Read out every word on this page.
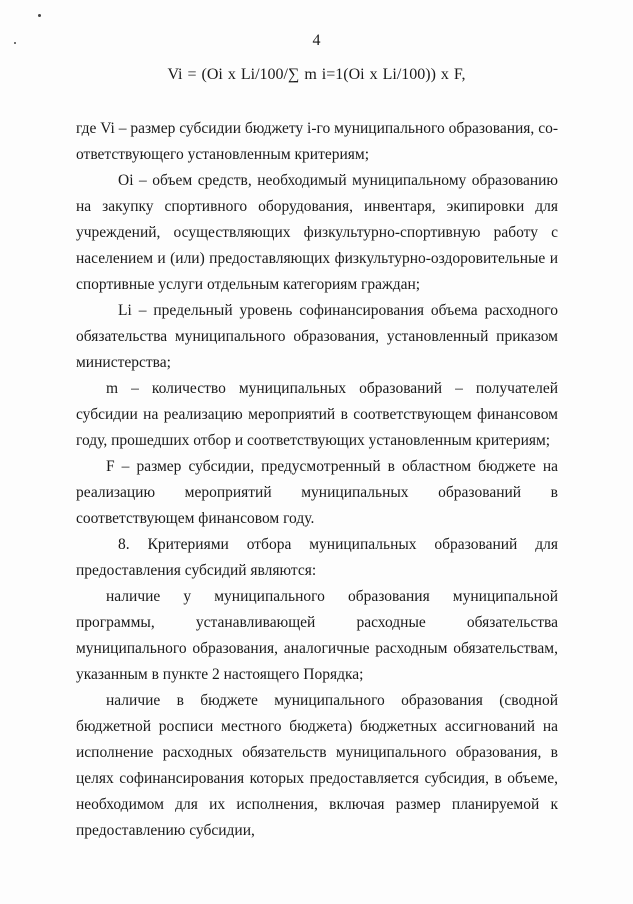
4
Vi = (Oi x Li/100/∑ m i=1(Oi x Li/100)) x F,

где Vi – размер субсидии бюджету i-го муниципального образования, соответствующего установленным критериям;

Oi – объем средств, необходимый муниципальному образованию на закупку спортивного оборудования, инвентаря, экипировки для учреждений, осуществляющих физкультурно-спортивную работу с населением и (или) предоставляющих физкультурно-оздоровительные и спортивные услуги отдельным категориям граждан;

Li – предельный уровень софинансирования объема расходного обязательства муниципального образования, установленный приказом министерства;

m – количество муниципальных образований – получателей субсидии на реализацию мероприятий в соответствующем финансовом году, прошедших отбор и соответствующих установленным критериям;

F – размер субсидии, предусмотренный в областном бюджете на реализацию мероприятий муниципальных образований в соответствующем финансовом году.

8. Критериями отбора муниципальных образований для предоставления субсидий являются:

наличие у муниципального образования муниципальной программы, устанавливающей расходные обязательства муниципального образования, аналогичные расходным обязательствам, указанным в пункте 2 настоящего Порядка;

наличие в бюджете муниципального образования (сводной бюджетной росписи местного бюджета) бюджетных ассигнований на исполнение расходных обязательств муниципального образования, в целях софинансирования которых предоставляется субсидия, в объеме, необходимом для их исполнения, включая размер планируемой к предоставлению субсидии,
